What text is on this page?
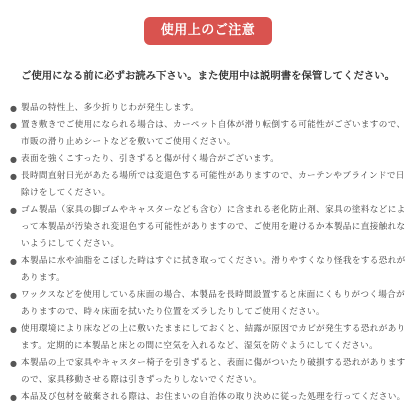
使用上のご注意
ご使用になる前に必ずお読み下さい。また使用中は説明書を保管してください。
● 製品の特性上、多少折りじわが発生します。
● 置き敷きでご使用になられる場合は、カーペット自体が滑り転倒する可能性がございますので、市販の滑り止めシートなどを敷いてご使用ください。
● 表面を強くこすったり、引きずると傷が付く場合がございます。
● 長時間直射日光があたる場所では変退色する可能性がありますので、カーテンやブラインドで日除けをしてください。
● ゴム製品（家具の脚ゴムやキャスターなども含む）に含まれる老化防止剤、家具の塗料などによって本製品が汚染され変退色する可能性がありますので、ご使用を避けるか本製品に直接触れないようにしてください。
● 本製品に水や油脂をこぼした時はすぐに拭き取ってください。滑りやすくなり怪我をする恐れがあります。
● ワックスなどを使用している床面の場合、本製品を長時間設置すると床面にくもりがつく場合がありますので、時々床面を拭いたり位置をズラしたりしてご使用ください。
● 使用環境により床などの上に敷いたままにしておくと、結露が原因でカビが発生する恐れがあります。定期的に本製品と床との間に空気を入れるなど、湿気を防ぐようにしてください。
● 本製品の上で家具やキャスター椅子を引きずると、表面に傷がついたり破損する恐れがありますので、家具移動させる際は引きずったりしないでください。
● 本品及び包材を破棄される際は、お住まいの自治体の取り決めに従った処理を行ってください。
